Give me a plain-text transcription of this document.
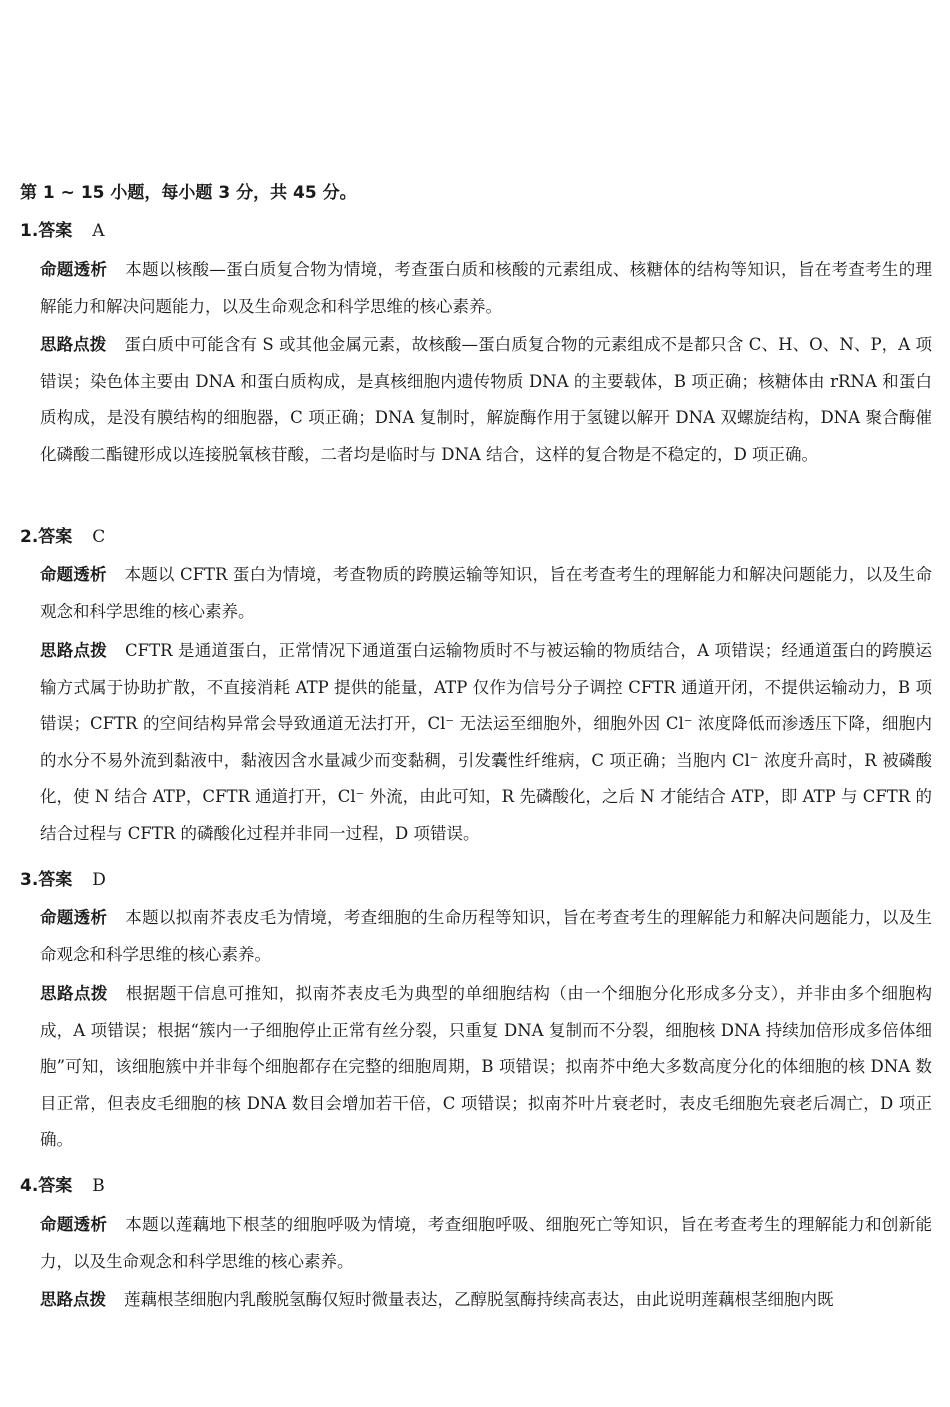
第 1 ~ 15 小题，每小题 3 分，共 45 分。
1.答案 A
命题透析 本题以核酸—蛋白质复合物为情境，考查蛋白质和核酸的元素组成、核糖体的结构等知识，旨在考查考生的理解能力和解决问题能力，以及生命观念和科学思维的核心素养。
思路点拨 蛋白质中可能含有 S 或其他金属元素，故核酸—蛋白质复合物的元素组成不是都只含 C、H、O、N、P，A 项错误；染色体主要由 DNA 和蛋白质构成，是真核细胞内遗传物质 DNA 的主要载体，B 项正确；核糖体由 rRNA 和蛋白质构成，是没有膜结构的细胞器，C 项正确；DNA 复制时，解旋酶作用于氢键以解开 DNA 双螺旋结构，DNA 聚合酶催化磷酸二酯键形成以连接脱氧核苷酸，二者均是临时与 DNA 结合，这样的复合物是不稳定的，D 项正确。
2.答案 C
命题透析 本题以 CFTR 蛋白为情境，考查物质的跨膜运输等知识，旨在考查考生的理解能力和解决问题能力，以及生命观念和科学思维的核心素养。
思路点拨 CFTR 是通道蛋白，正常情况下通道蛋白运输物质时不与被运输的物质结合，A 项错误；经通道蛋白的跨膜运输方式属于协助扩散，不直接消耗 ATP 提供的能量，ATP 仅作为信号分子调控 CFTR 通道开闭，不提供运输动力，B 项错误；CFTR 的空间结构异常会导致通道无法打开，Cl⁻ 无法运至细胞外，细胞外因 Cl⁻ 浓度降低而渗透压下降，细胞内的水分不易外流到黏液中，黏液因含水量减少而变黏稠，引发囊性纤维病，C 项正确；当胞内 Cl⁻ 浓度升高时，R 被磷酸化，使 N 结合 ATP，CFTR 通道打开，Cl⁻ 外流，由此可知，R 先磷酸化，之后 N 才能结合 ATP，即 ATP 与 CFTR 的结合过程与 CFTR 的磷酸化过程并非同一过程，D 项错误。
3.答案 D
命题透析 本题以拟南芥表皮毛为情境，考查细胞的生命历程等知识，旨在考查考生的理解能力和解决问题能力，以及生命观念和科学思维的核心素养。
思路点拨 根据题干信息可推知，拟南芥表皮毛为典型的单细胞结构（由一个细胞分化形成多分支），并非由多个细胞构成，A 项错误；根据“簇内一子细胞停止正常有丝分裂，只重复 DNA 复制而不分裂，细胞核 DNA 持续加倍形成多倍体细胞”可知，该细胞簇中并非每个细胞都存在完整的细胞周期，B 项错误；拟南芥中绝大多数高度分化的体细胞的核 DNA 数目正常，但表皮毛细胞的核 DNA 数目会增加若干倍，C 项错误；拟南芥叶片衰老时，表皮毛细胞先衰老后凋亡，D 项正确。
4.答案 B
命题透析 本题以莲藕地下根茎的细胞呼吸为情境，考查细胞呼吸、细胞死亡等知识，旨在考查考生的理解能力和创新能力，以及生命观念和科学思维的核心素养。
思路点拨 莲藕根茎细胞内乳酸脱氢酶仅短时微量表达，乙醇脱氢酶持续高表达，由此说明莲藕根茎细胞内既
